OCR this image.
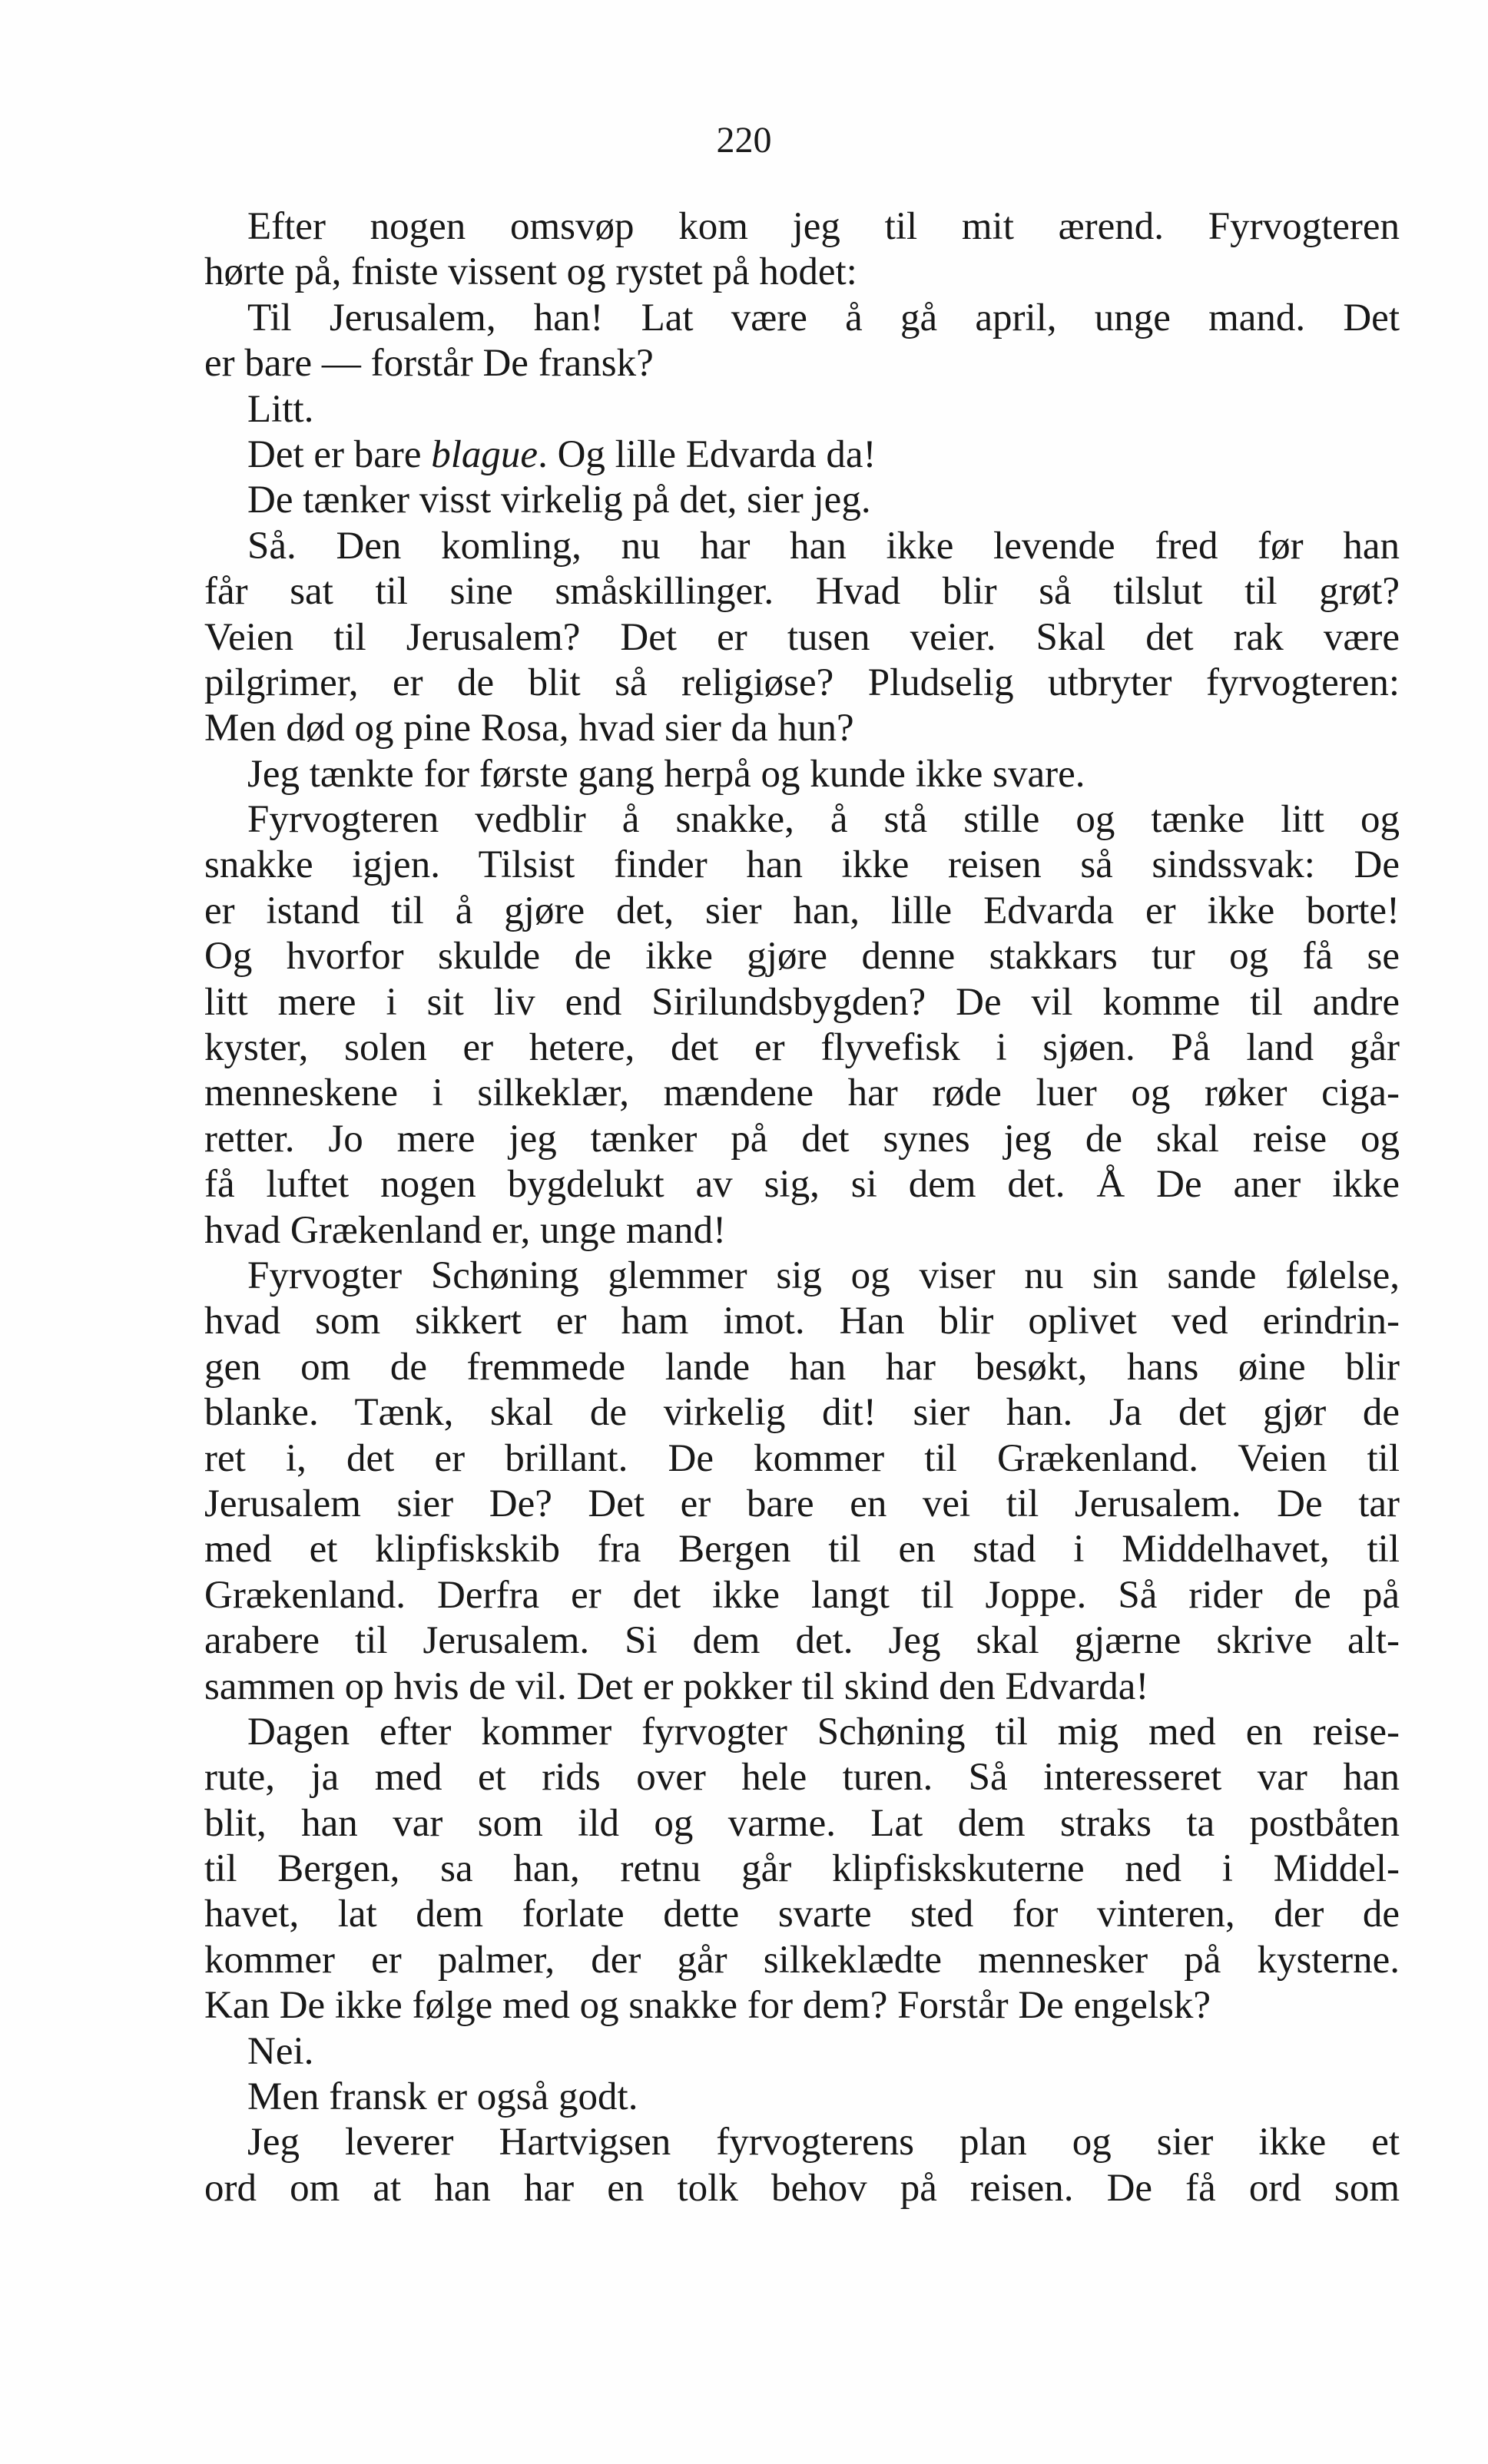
220
Efter nogen omsvøp kom jeg til mit ærend. Fyrvogteren
hørte på, fniste vissent og rystet på hodet:
Til Jerusalem, han! Lat være å gå april, unge mand. Det
er bare — forstår De fransk?
Litt.
Det er bare blague. Og lille Edvarda da!
De tænker visst virkelig på det, sier jeg.
Så. Den komling, nu har han ikke levende fred før han
får sat til sine småskillinger. Hvad blir så tilslut til grøt?
Veien til Jerusalem? Det er tusen veier. Skal det rak være
pilgrimer, er de blit så religiøse? Pludselig utbryter fyrvogteren:
Men død og pine Rosa, hvad sier da hun?
Jeg tænkte for første gang herpå og kunde ikke svare.
Fyrvogteren vedblir å snakke, å stå stille og tænke litt og
snakke igjen. Tilsist finder han ikke reisen så sindssvak: De
er istand til å gjøre det, sier han, lille Edvarda er ikke borte!
Og hvorfor skulde de ikke gjøre denne stakkars tur og få se
litt mere i sit liv end Sirilundsbygden? De vil komme til andre
kyster, solen er hetere, det er flyvefisk i sjøen. På land går
menneskene i silkeklær, mændene har røde luer og røker ciga-
retter. Jo mere jeg tænker på det synes jeg de skal reise og
få luftet nogen bygdelukt av sig, si dem det. Å De aner ikke
hvad Grækenland er, unge mand!
Fyrvogter Schøning glemmer sig og viser nu sin sande følelse,
hvad som sikkert er ham imot. Han blir oplivet ved erindrin-
gen om de fremmede lande han har besøkt, hans øine blir
blanke. Tænk, skal de virkelig dit! sier han. Ja det gjør de
ret i, det er brillant. De kommer til Grækenland. Veien til
Jerusalem sier De? Det er bare en vei til Jerusalem. De tar
med et klipfiskskib fra Bergen til en stad i Middelhavet, til
Grækenland. Derfra er det ikke langt til Joppe. Så rider de på
arabere til Jerusalem. Si dem det. Jeg skal gjærne skrive alt-
sammen op hvis de vil. Det er pokker til skind den Edvarda!
Dagen efter kommer fyrvogter Schøning til mig med en reise-
rute, ja med et rids over hele turen. Så interesseret var han
blit, han var som ild og varme. Lat dem straks ta postbåten
til Bergen, sa han, retnu går klipfiskskuterne ned i Middel-
havet, lat dem forlate dette svarte sted for vinteren, der de
kommer er palmer, der går silkeklædte mennesker på kysterne.
Kan De ikke følge med og snakke for dem? Forstår De engelsk?
Nei.
Men fransk er også godt.
Jeg leverer Hartvigsen fyrvogterens plan og sier ikke et
ord om at han har en tolk behov på reisen. De få ord som
